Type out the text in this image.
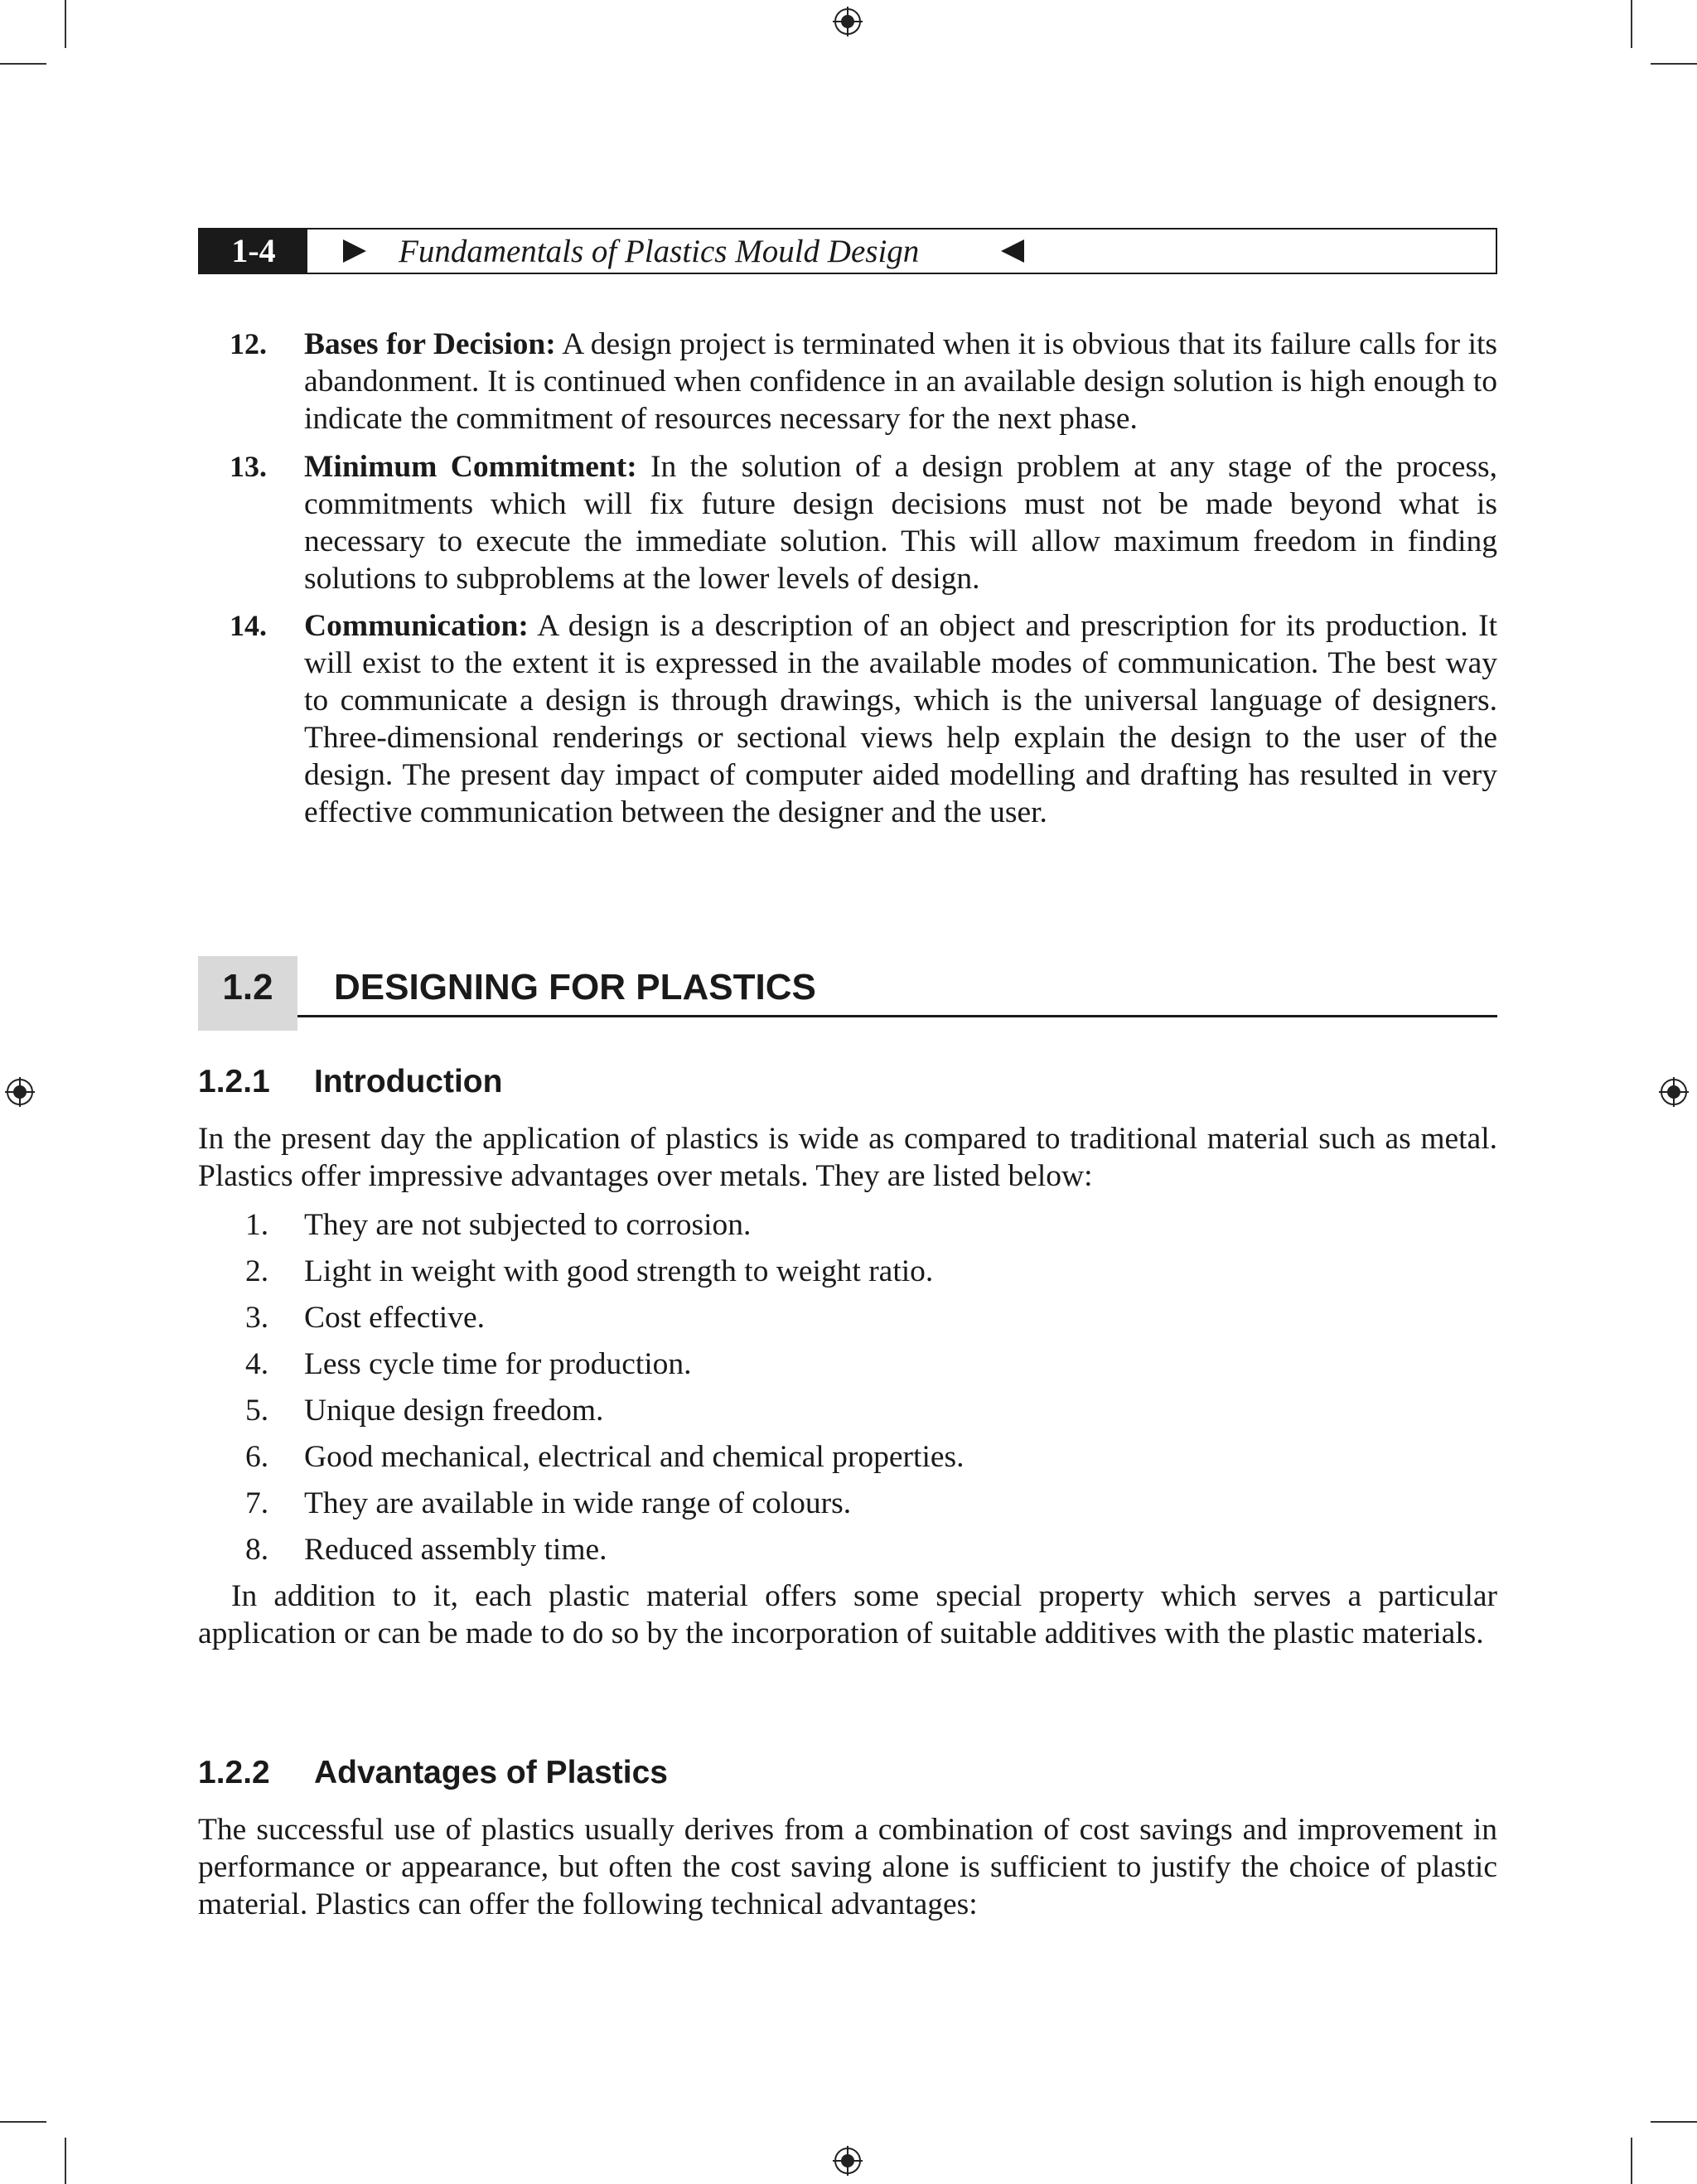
1-4	Fundamentals of Plastics Mould Design
12. Bases for Decision: A design project is terminated when it is obvious that its failure calls for its abandonment. It is continued when confidence in an available design solution is high enough to indicate the commitment of resources necessary for the next phase.
13. Minimum Commitment: In the solution of a design problem at any stage of the process, commitments which will fix future design decisions must not be made beyond what is necessary to execute the immediate solution. This will allow maximum freedom in finding solutions to subproblems at the lower levels of design.
14. Communication: A design is a description of an object and prescription for its production. It will exist to the extent it is expressed in the available modes of communication. The best way to communicate a design is through drawings, which is the universal language of designers. Three-dimensional renderings or sectional views help explain the design to the user of the design. The present day impact of computer aided modelling and drafting has resulted in very effective communication between the designer and the user.
1.2	DESIGNING FOR PLASTICS
1.2.1 Introduction
In the present day the application of plastics is wide as compared to traditional material such as metal. Plastics offer impressive advantages over metals. They are listed below:
1.	They are not subjected to corrosion.
2.	Light in weight with good strength to weight ratio.
3.	Cost effective.
4.	Less cycle time for production.
5.	Unique design freedom.
6.	Good mechanical, electrical and chemical properties.
7.	They are available in wide range of colours.
8.	Reduced assembly time.
In addition to it, each plastic material offers some special property which serves a particular application or can be made to do so by the incorporation of suitable additives with the plastic materials.
1.2.2 Advantages of Plastics
The successful use of plastics usually derives from a combination of cost savings and improvement in performance or appearance, but often the cost saving alone is sufficient to justify the choice of plastic material. Plastics can offer the following technical advantages:
